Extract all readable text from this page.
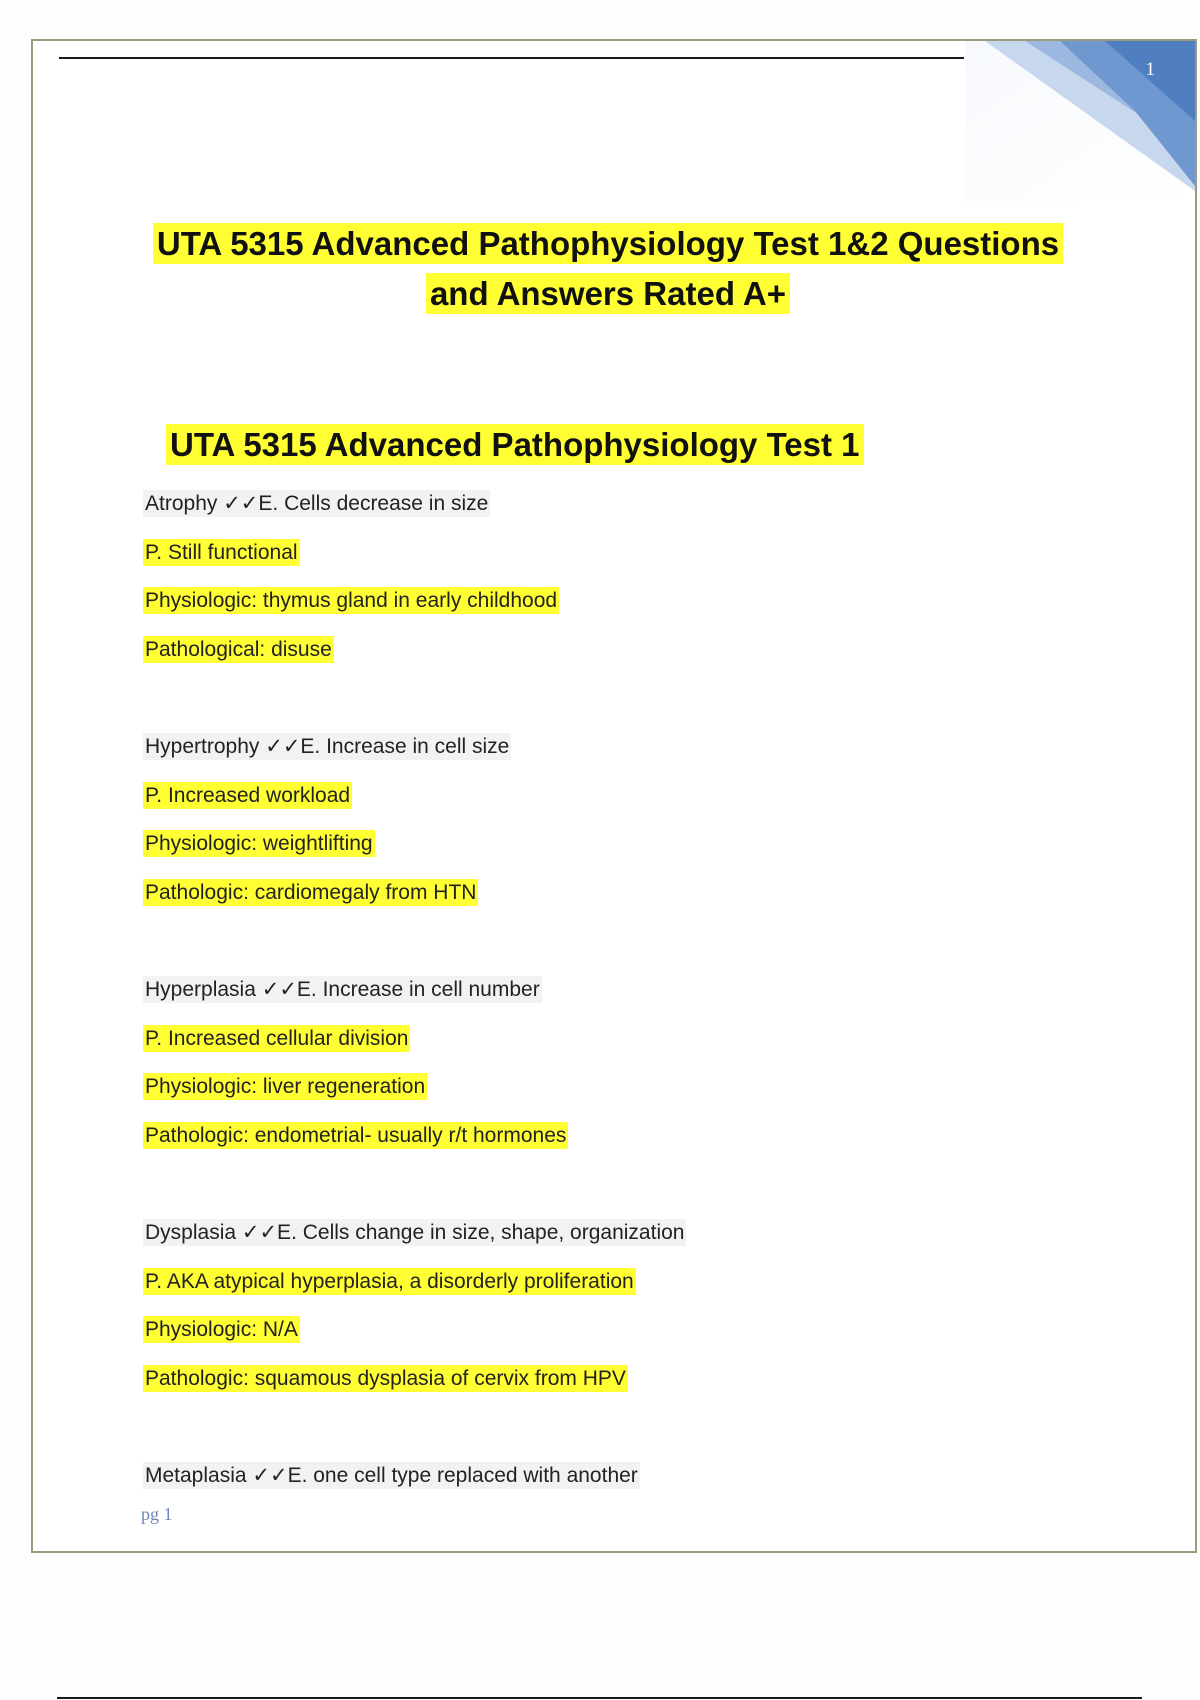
1
UTA 5315 Advanced Pathophysiology Test 1&2 Questions
and Answers Rated A+
UTA 5315 Advanced Pathophysiology Test 1
Atrophy ✓✓E. Cells decrease in size
P. Still functional
Physiologic: thymus gland in early childhood
Pathological: disuse
Hypertrophy ✓✓E. Increase in cell size
P. Increased workload
Physiologic: weightlifting
Pathologic: cardiomegaly from HTN
Hyperplasia ✓✓E. Increase in cell number
P. Increased cellular division
Physiologic: liver regeneration
Pathologic: endometrial- usually r/t hormones
Dysplasia ✓✓E. Cells change in size, shape, organization
P. AKA atypical hyperplasia, a disorderly proliferation
Physiologic: N/A
Pathologic: squamous dysplasia of cervix from HPV
Metaplasia ✓✓E. one cell type replaced with another
pg 1
